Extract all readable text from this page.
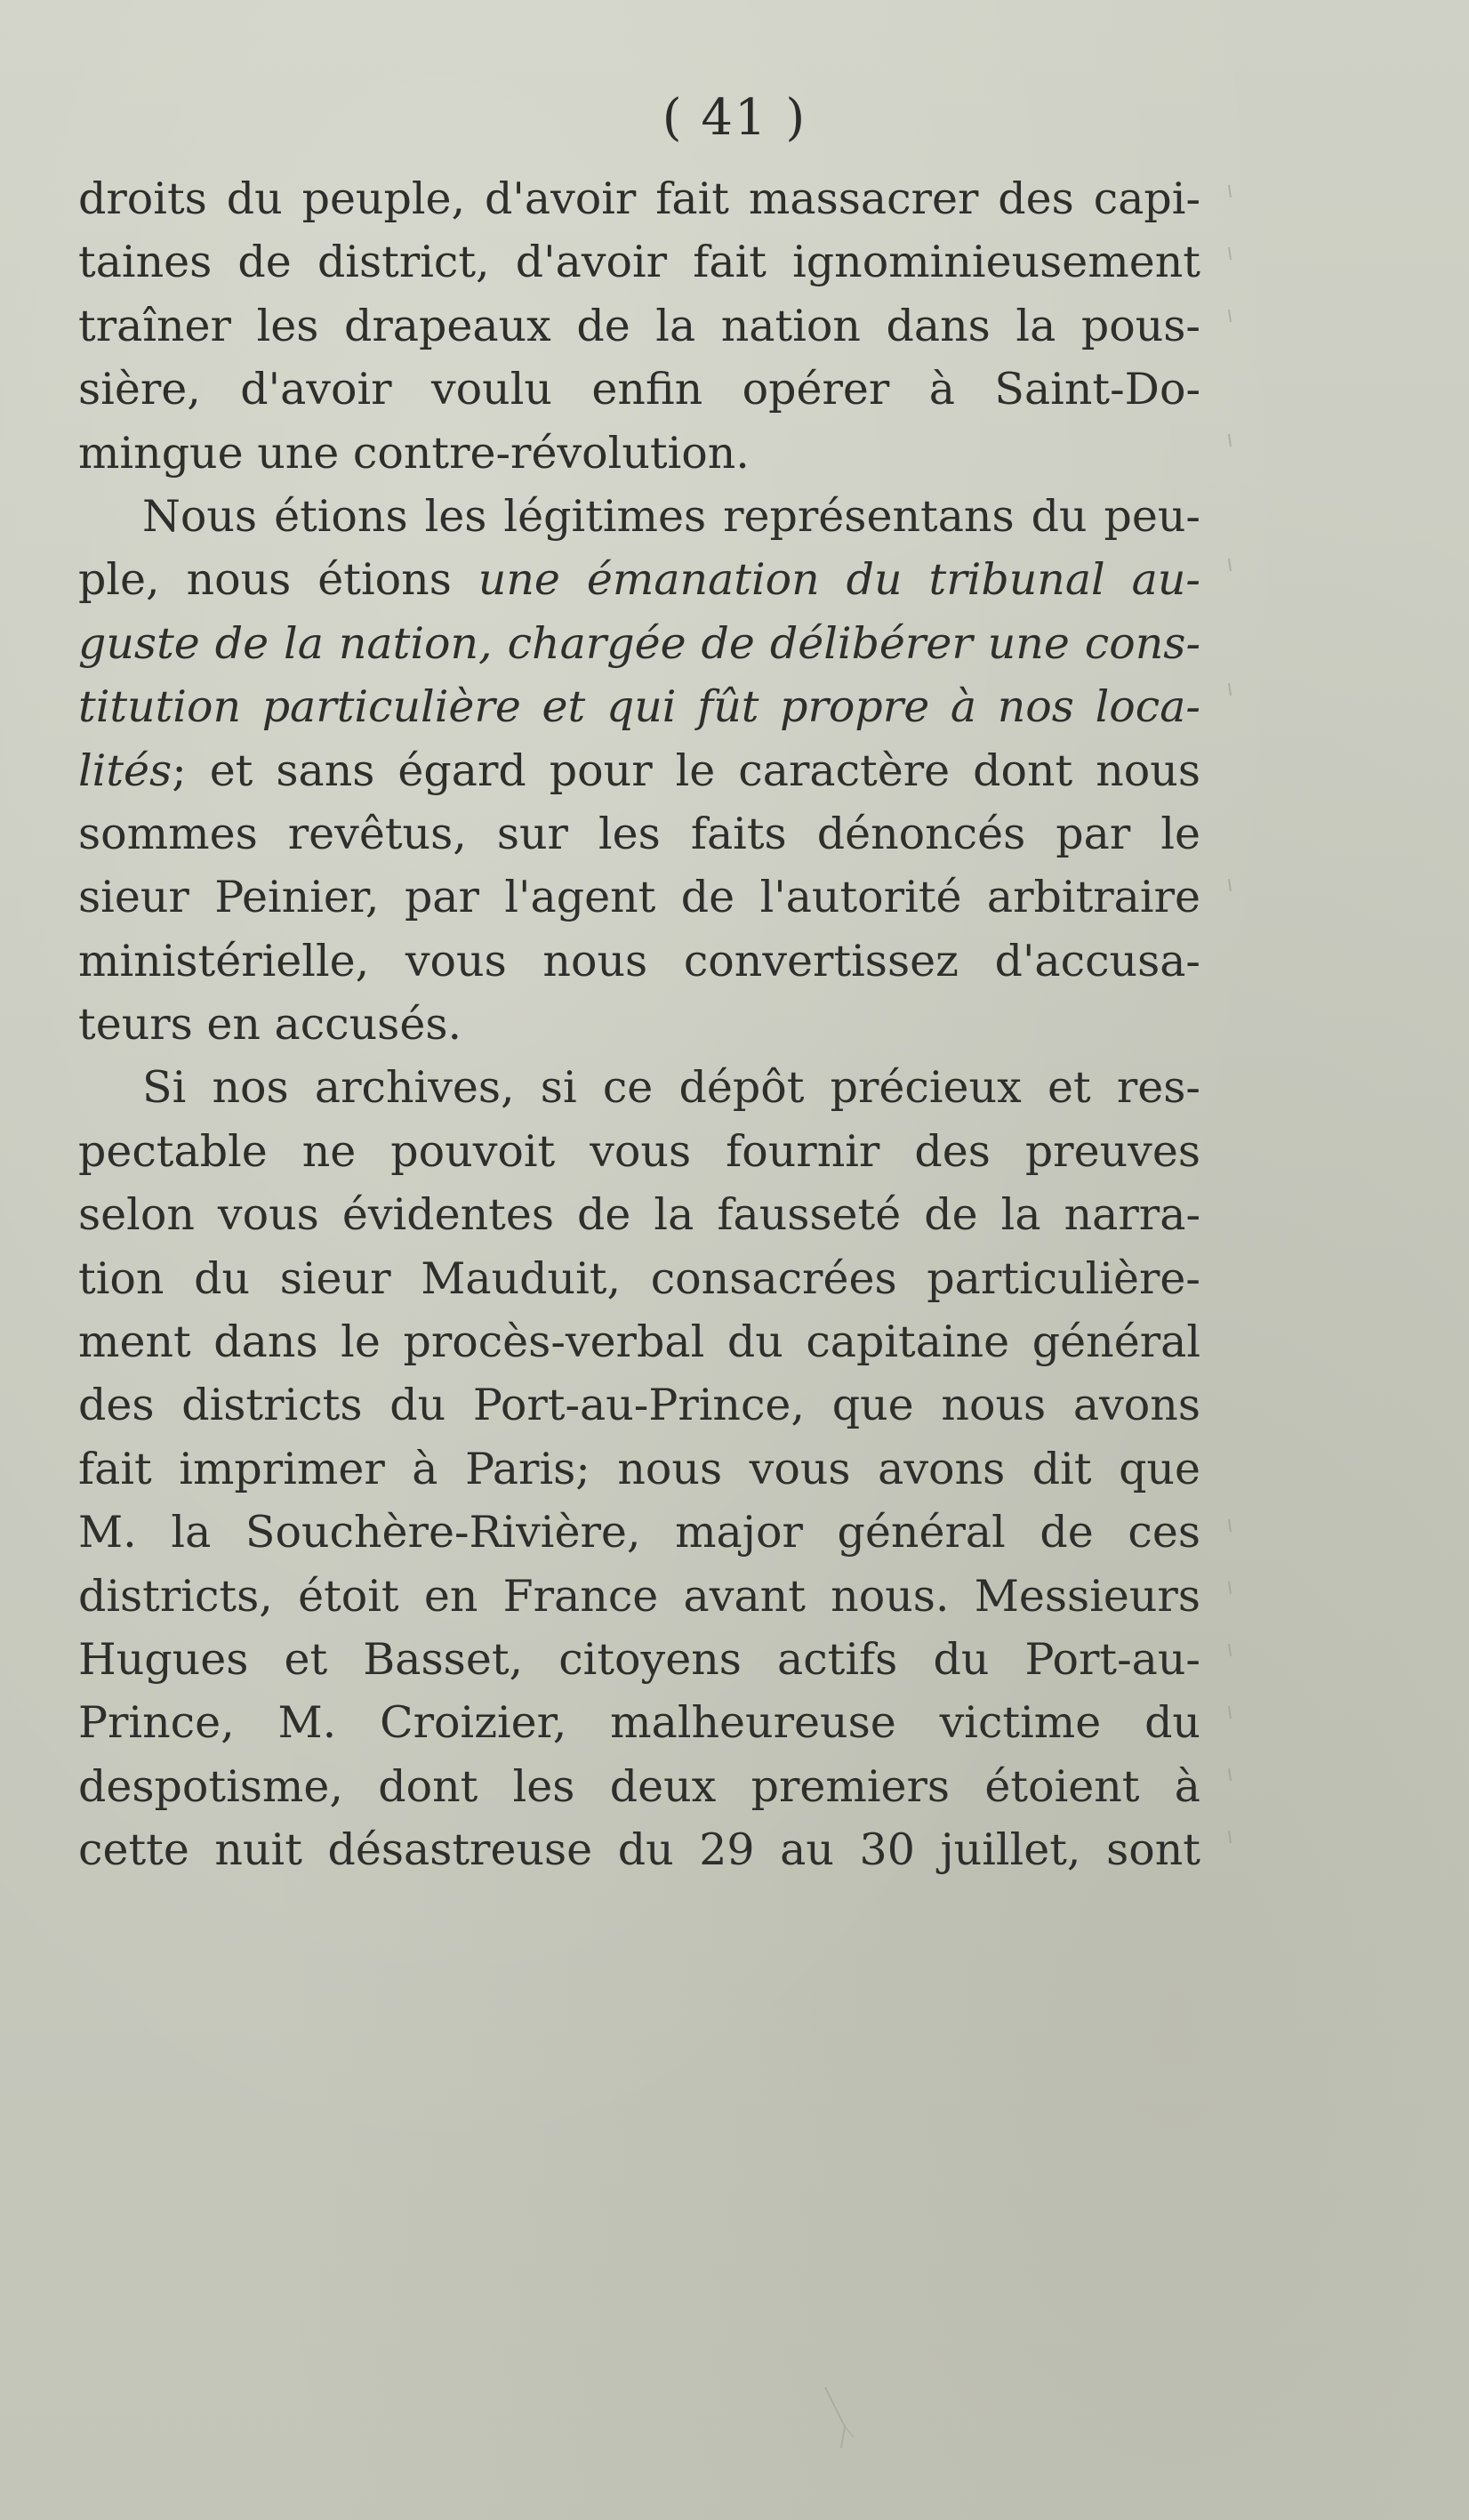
( 41 )
droits du peuple, d'avoir fait massacrer des capi-
taines de district, d'avoir fait ignominieusement
traîner les drapeaux de la nation dans la pous-
sière, d'avoir voulu enfin opérer à Saint-Do-
mingue une contre-révolution.
Nous étions les légitimes représentans du peu-
ple, nous étions une émanation du tribunal au-
guste de la nation, chargée de délibérer une cons-
titution particulière et qui fût propre à nos loca-
lités; et sans égard pour le caractère dont nous
sommes revêtus, sur les faits dénoncés par le
sieur Peinier, par l'agent de l'autorité arbitraire
ministérielle, vous nous convertissez d'accusa-
teurs en accusés.
Si nos archives, si ce dépôt précieux et res-
pectable ne pouvoit vous fournir des preuves
selon vous évidentes de la fausseté de la narra-
tion du sieur Mauduit, consacrées particulière-
ment dans le procès-verbal du capitaine général
des districts du Port-au-Prince, que nous avons
fait imprimer à Paris; nous vous avons dit que
M. la Souchère-Rivière, major général de ces
districts, étoit en France avant nous. Messieurs
Hugues et Basset, citoyens actifs du Port-au-
Prince, M. Croizier, malheureuse victime du
despotisme, dont les deux premiers étoient à
cette nuit désastreuse du 29 au 30 juillet, sont
